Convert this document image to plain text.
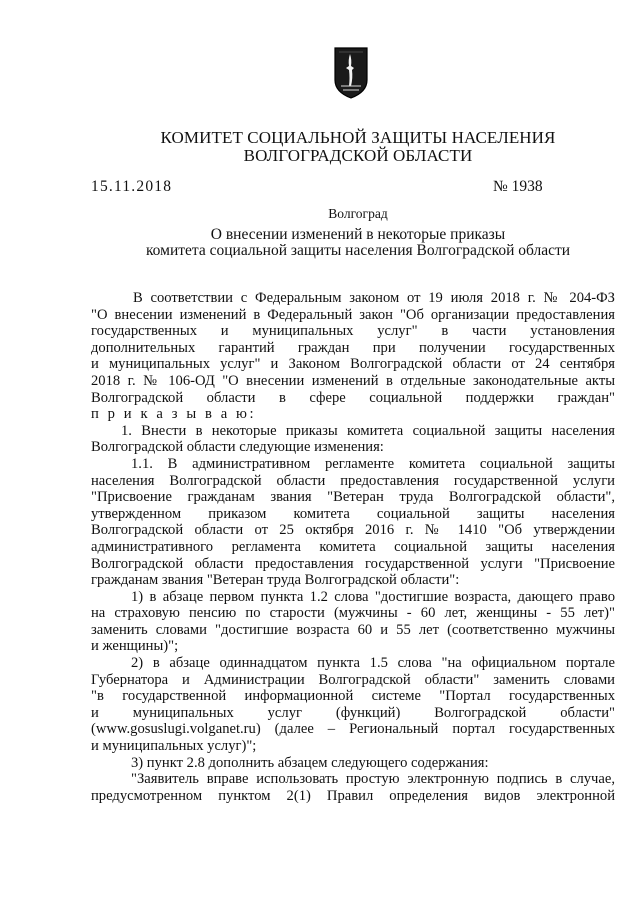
КОМИТЕТ СОЦИАЛЬНОЙ ЗАЩИТЫ НАСЕЛЕНИЯ
ВОЛГОГРАДСКОЙ ОБЛАСТИ
15.11.2018	№ 1938
Волгоград
О внесении изменений в некоторые приказы
комитета социальной защиты населения Волгоградской области
В соответствии с Федеральным законом от 19 июля 2018 г. № 204-ФЗ
"О внесении изменений в Федеральный закон "Об организации предоставления
государственных и муниципальных услуг" в части установления
дополнительных гарантий граждан при получении государственных
и муниципальных услуг" и Законом Волгоградской области от 24 сентября
2018 г. № 106-ОД "О внесении изменений в отдельные законодательные акты
Волгоградской области в сфере социальной поддержки граждан"
п р и к а з ы в а ю:
1. Внести в некоторые приказы комитета социальной защиты населения
Волгоградской области следующие изменения:
1.1. В административном регламенте комитета социальной защиты
населения Волгоградской области предоставления государственной услуги
"Присвоение гражданам звания "Ветеран труда Волгоградской области",
утвержденном приказом комитета социальной защиты населения
Волгоградской области от 25 октября 2016 г. № 1410 "Об утверждении
административного регламента комитета социальной защиты населения
Волгоградской области предоставления государственной услуги "Присвоение
гражданам звания "Ветеран труда Волгоградской области":
1) в абзаце первом пункта 1.2 слова "достигшие возраста, дающего право
на страховую пенсию по старости (мужчины - 60 лет, женщины - 55 лет)"
заменить словами "достигшие возраста 60 и 55 лет (соответственно мужчины
и женщины)";
2) в абзаце одиннадцатом пункта 1.5 слова "на официальном портале
Губернатора и Администрации Волгоградской области" заменить словами
"в государственной информационной системе "Портал государственных
и муниципальных услуг (функций) Волгоградской области"
(www.gosuslugi.volganet.ru) (далее – Региональный портал государственных
и муниципальных услуг)";
3) пункт 2.8 дополнить абзацем следующего содержания:
"Заявитель вправе использовать простую электронную подпись в случае,
предусмотренном пунктом 2(1) Правил определения видов электронной
